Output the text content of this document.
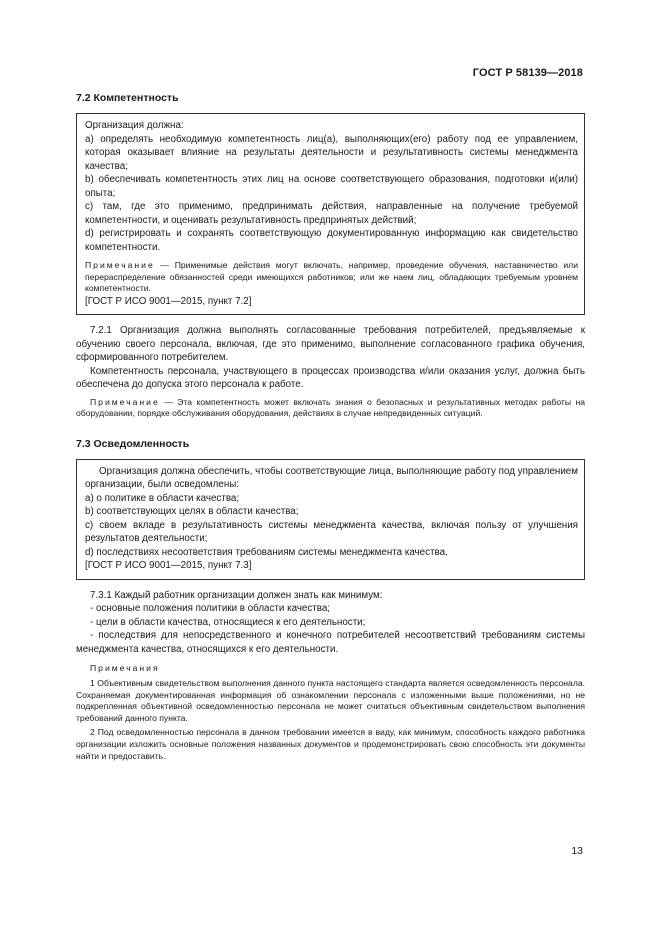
ГОСТ Р 58139—2018
7.2 Компетентность

Организация должна:

а) определять необходимую компетентность лиц(а), выполняющих(его) работу под ее управлением, которая оказывает влияние на результаты деятельности и результативность системы менеджмента качества;

b) обеспечивать компетентность этих лиц на основе соответствующего образования, подготовки и(или) опыта;

c) там, где это применимо, предпринимать действия, направленные на получение требуемой компетентности, и оценивать результативность предпринятых действий;

d) регистрировать и сохранять соответствующую документированную информацию как свидетельство компетентности.

Примечание — Применимые действия могут включать, например, проведение обучения, наставничество или перераспределение обязанностей среди имеющихся работников; или же наем лиц, обладающих требуемым уровнем компетентности.

[ГОСТ Р ИСО 9001—2015, пункт 7.2]

7.2.1 Организация должна выполнять согласованные требования потребителей, предъявляемые к обучению своего персонала, включая, где это применимо, выполнение согласованного графика обучения, сформированного потребителем.

Компетентность персонала, участвующего в процессах производства и/или оказания услуг, должна быть обеспечена до допуска этого персонала к работе.

Примечание — Эта компетентность может включать знания о безопасных и результативных методах работы на оборудовании, порядке обслуживания оборудования, действиях в случае непредвиденных ситуаций.
7.3 Осведомленность

Организация должна обеспечить, чтобы соответствующие лица, выполняющие работу под управлением организации, были осведомлены:

а) о политике в области качества;

b) соответствующих целях в области качества;

c) своем вкладе в результативность системы менеджмента качества, включая пользу от улучшения результатов деятельности;

d) последствиях несоответствия требованиям системы менеджмента качества.

[ГОСТ Р ИСО 9001—2015, пункт 7.3]

7.3.1 Каждый работник организации должен знать как минимум:

- основные положения политики в области качества;

- цели в области качества, относящиеся к его деятельности;

- последствия для непосредственного и конечного потребителей несоответствий требованиям системы менеджмента качества, относящихся к его деятельности.

Примечания

1 Объективным свидетельством выполнения данного пункта настоящего стандарта является осведомленность персонала. Сохраняемая документированная информация об ознакомлении персонала с изложенными выше положениями, но не подкрепленная объективной осведомленностью персонала не может считаться объективным свидетельством выполнения требований данного пункта.

2 Под осведомленностью персонала в данном требовании имеется в виду, как минимум, способность каждого работника организации изложить основные положения названных документов и продемонстрировать свою способность эти документы найти и предоставить.

13
